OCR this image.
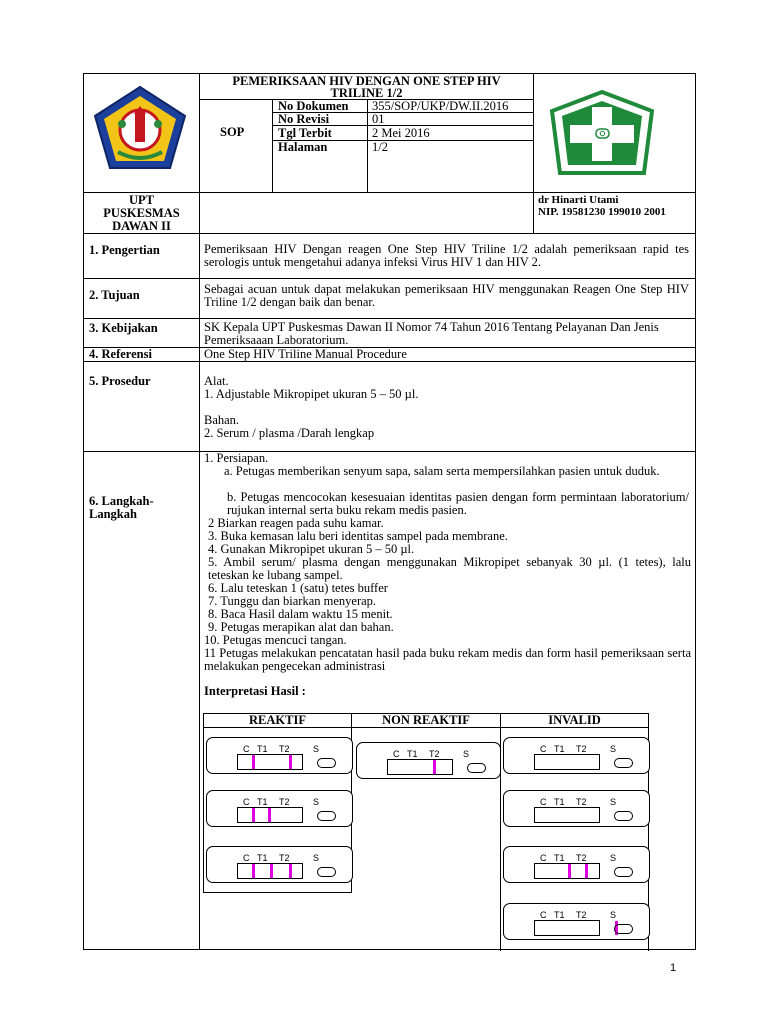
PEMERIKSAAN HIV DENGAN ONE STEP HIV
TRILINE 1/2
SOP
No Dokumen 355/SOP/UKP/DW.II.2016
No Revisi	01
Tgl Terbit	2 Mei 2016
Halaman	1/2
UPT
PUSKESMAS
DAWAN II
dr Hinarti Utami
NIP. 19581230 199010 2001
1. Pengertian	Pemeriksaan HIV Dengan reagen One Step HIV Triline 1/2 adalah pemeriksaan rapid tes serologis untuk mengetahui adanya infeksi Virus HIV 1 dan HIV 2.
2. Tujuan	Sebagai acuan untuk dapat melakukan pemeriksaan HIV menggunakan Reagen One Step HIV Triline 1/2 dengan baik dan benar.
3. Kebijakan	SK Kepala UPT Puskesmas Dawan II Nomor 74 Tahun 2016 Tentang Pelayanan Dan Jenis Pemeriksaaan Laboratorium.
4. Referensi	One Step HIV Triline Manual Procedure
5. Prosedur	Alat.
1. Adjustable Mikropipet ukuran 5 – 50 µl.
Bahan.
2. Serum / plasma /Darah lengkap
6. Langkah-
Langkah
1. Persiapan.
a. Petugas memberikan senyum sapa, salam serta mempersilahkan pasien untuk duduk.
b. Petugas mencocokan kesesuaian identitas pasien dengan form permintaan laboratorium/ rujukan internal serta buku rekam medis pasien.
2 Biarkan reagen pada suhu kamar.
3. Buka kemasan lalu beri identitas sampel pada membrane.
4. Gunakan Mikropipet ukuran 5 – 50 µl.
5. Ambil serum/ plasma dengan menggunakan Mikropipet sebanyak 30 µl. (1 tetes), lalu teteskan ke lubang sampel.
6. Lalu teteskan 1 (satu) tetes buffer
7. Tunggu dan biarkan menyerap.
8. Baca Hasil dalam waktu 15 menit.
9. Petugas merapikan alat dan bahan.
10. Petugas mencuci tangan.
11 Petugas melakukan pencatatan hasil pada buku rekam medis dan form hasil pemeriksaan serta melakukan pengecekan administrasi
Interpretasi Hasil :
REAKTIF	NON REAKTIF	INVALID
C T1 T2	S
C T1 T2	S
C T1 T2	S
C T1 T2	S	C T1 T2	S
C T1 T2	S
C T1 T2	S
C T1 T2	S
1
